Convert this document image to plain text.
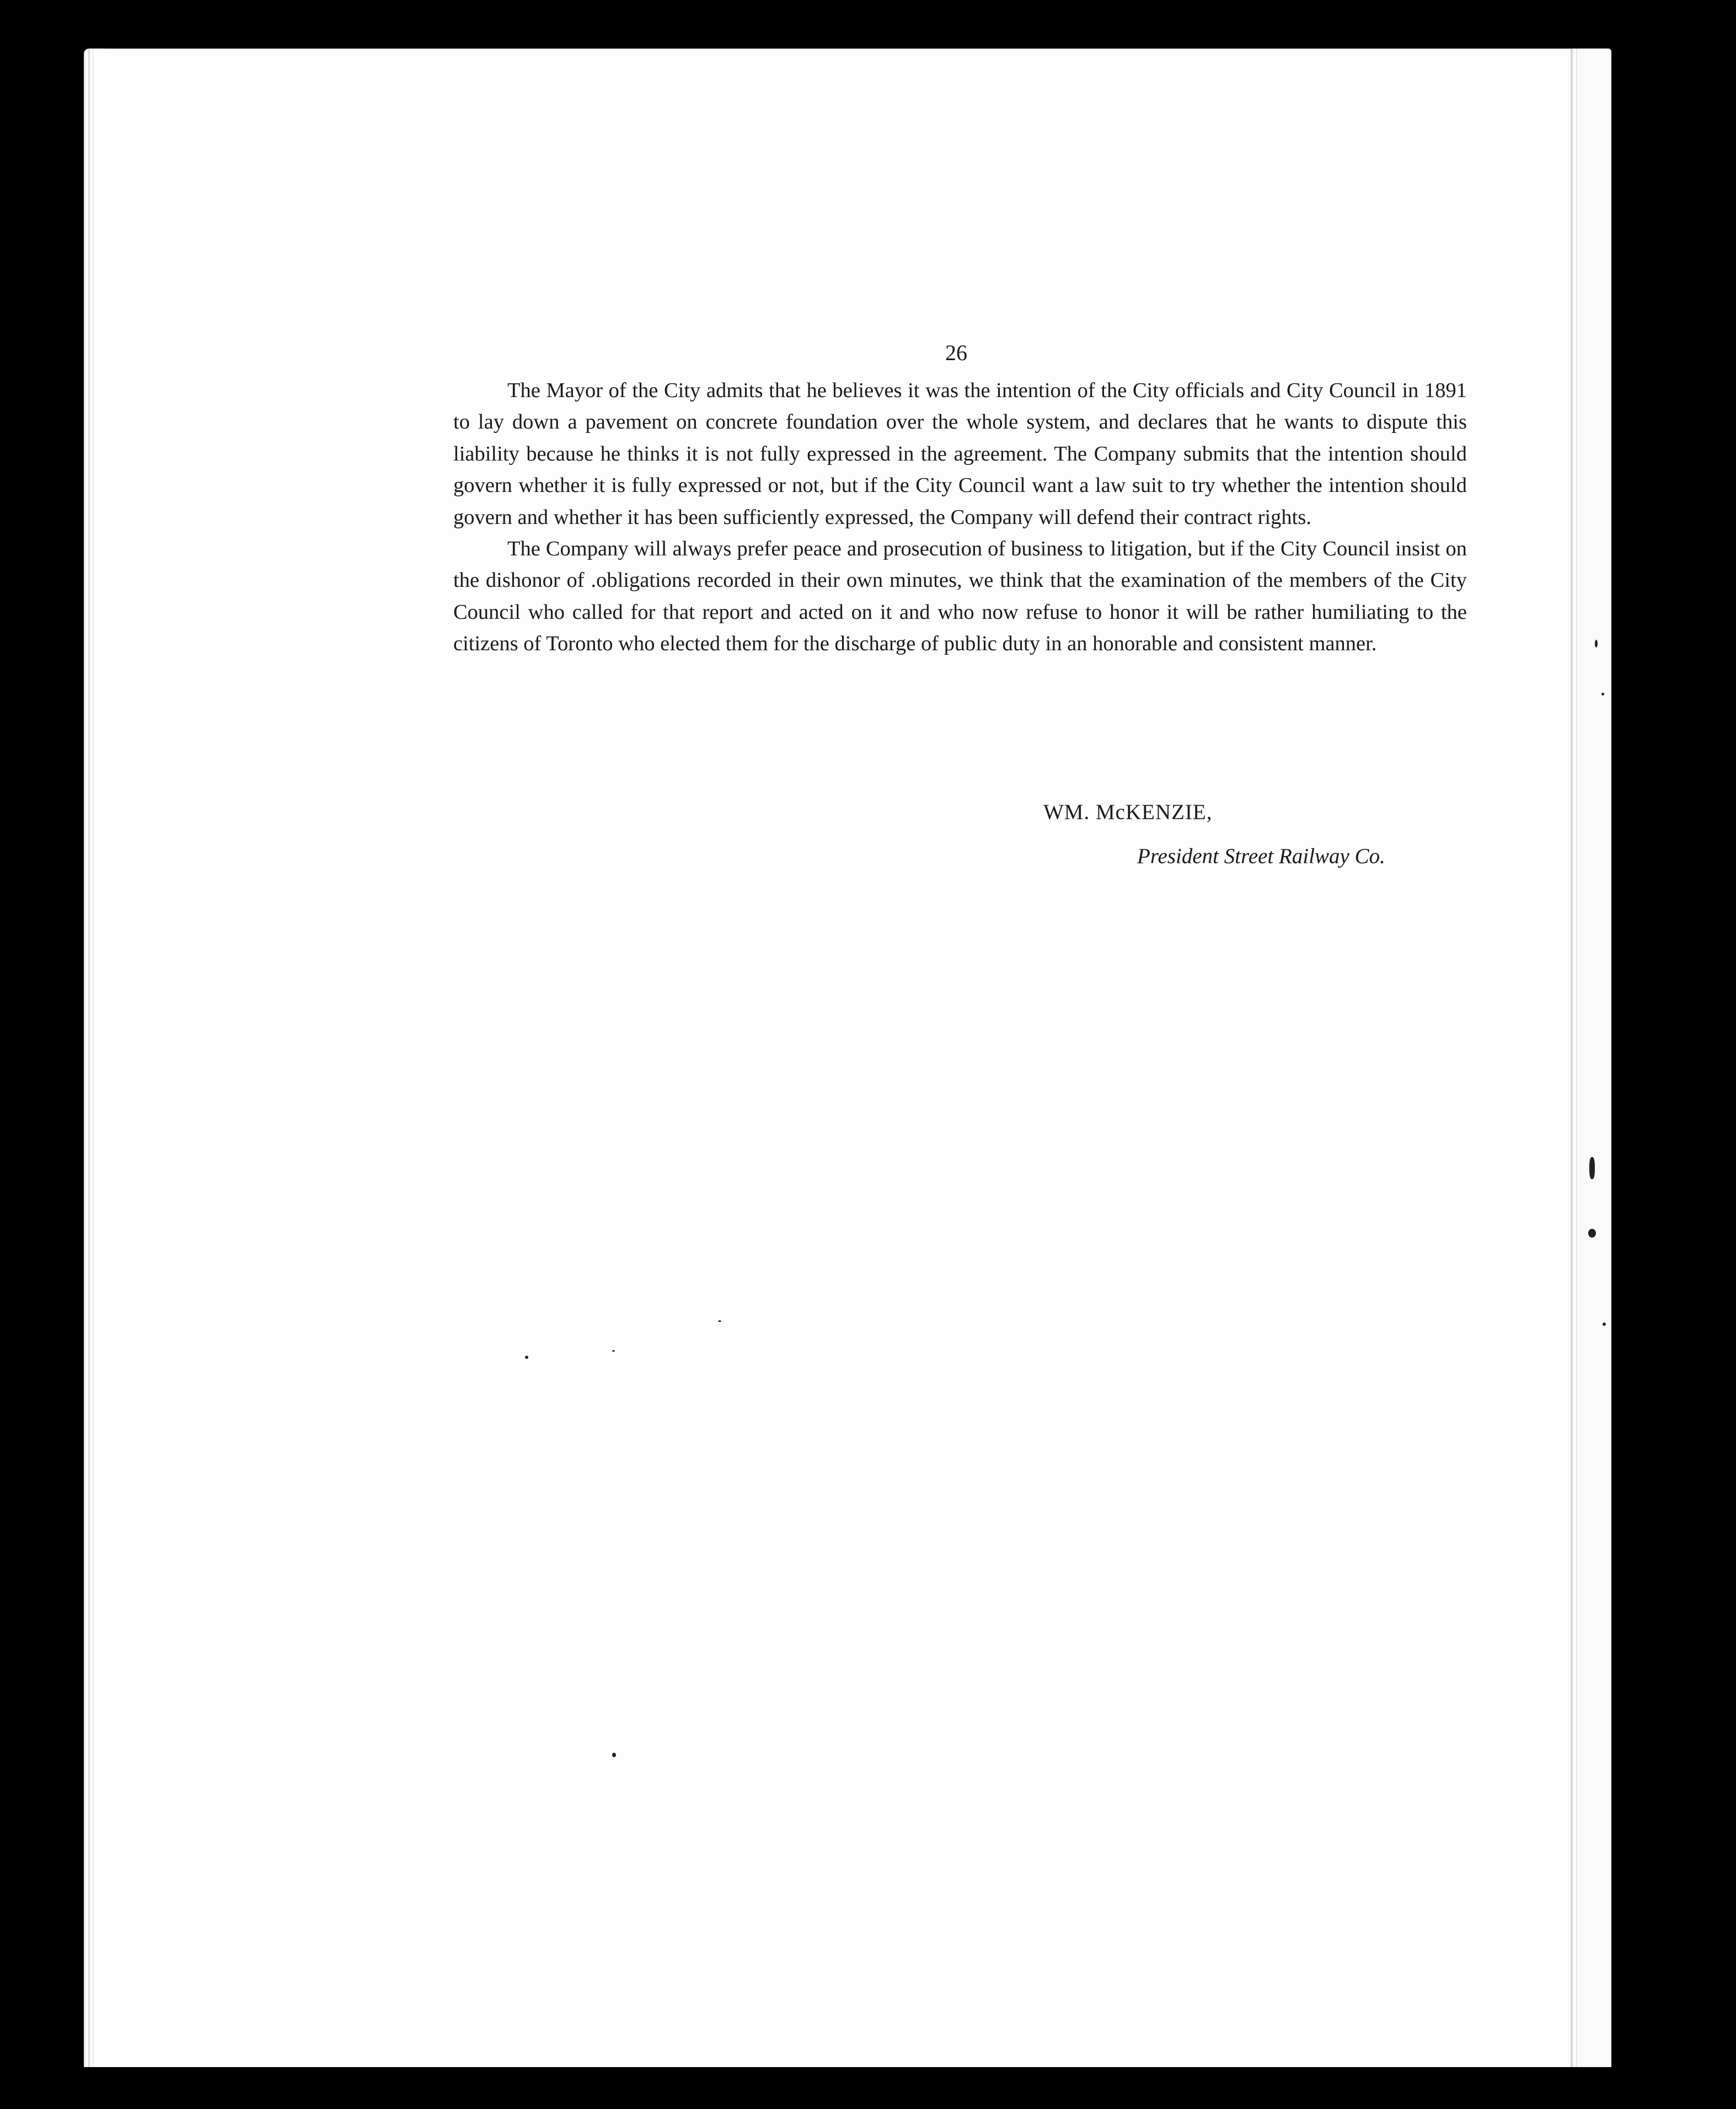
26

The Mayor of the City admits that he believes it was the intention of the City officials and City Council in 1891 to lay down a pavement on concrete foundation over the whole system, and declares that he wants to dispute this liability because he thinks it is not fully expressed in the agreement. The Company submits that the intention should govern whether it is fully expressed or not, but if the City Council want a law suit to try whether the intention should govern and whether it has been sufficiently expressed, the Company will defend their contract rights.

The Company will always prefer peace and prosecution of business to litigation, but if the City Council insist on the dishonor of .obligations recorded in their own minutes, we think that the examination of the members of the City Council who called for that report and acted on it and who now refuse to honor it will be rather humiliating to the citizens of Toronto who elected them for the discharge of public duty in an honorable and consistent manner.

WM. McKENZIE,
President Street Railway Co.
